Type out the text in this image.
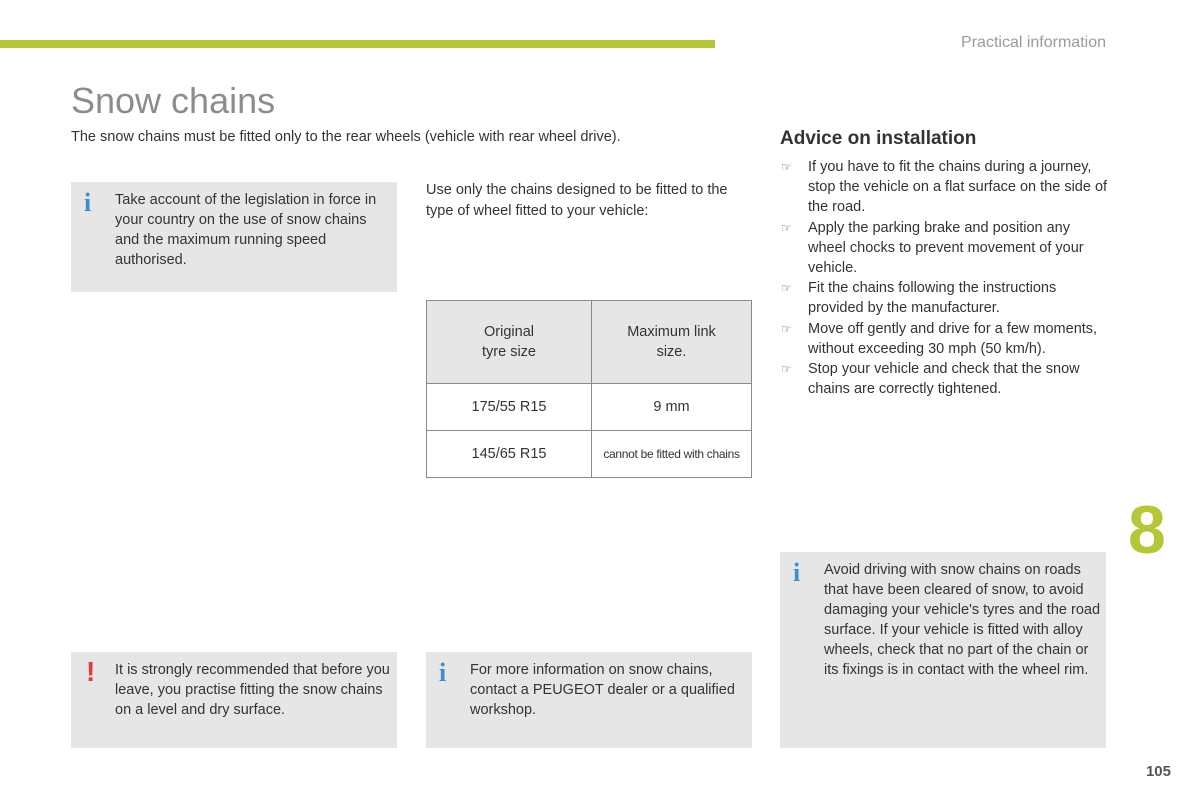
Practical information
Snow chains
The snow chains must be fitted only to the rear wheels (vehicle with rear wheel drive).
i Take account of the legislation in force in your country on the use of snow chains and the maximum running speed authorised.
Use only the chains designed to be fitted to the type of wheel fitted to your vehicle:
Original tyre size	Maximum link size.
175/55 R15	9 mm
145/65 R15	cannot be fitted with chains
Advice on installation
☞ If you have to fit the chains during a journey, stop the vehicle on a flat surface on the side of the road.
☞ Apply the parking brake and position any wheel chocks to prevent movement of your vehicle.
☞ Fit the chains following the instructions provided by the manufacturer.
☞ Move off gently and drive for a few moments, without exceeding 30 mph (50 km/h).
☞ Stop your vehicle and check that the snow chains are correctly tightened.
i Avoid driving with snow chains on roads that have been cleared of snow, to avoid damaging your vehicle's tyres and the road surface. If your vehicle is fitted with alloy wheels, check that no part of the chain or its fixings is in contact with the wheel rim.
! It is strongly recommended that before you leave, you practise fitting the snow chains on a level and dry surface.
i For more information on snow chains, contact a PEUGEOT dealer or a qualified workshop.
8
105
